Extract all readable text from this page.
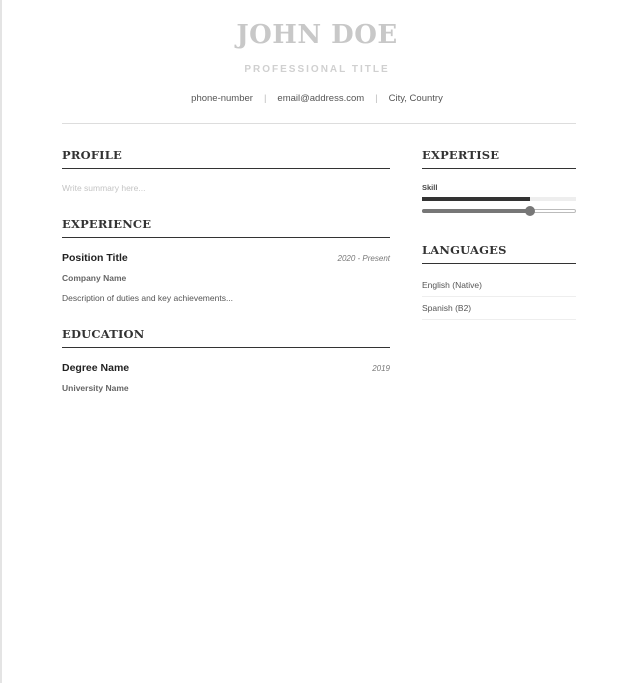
JOHN DOE
PROFESSIONAL TITLE
phone-number | email@address.com | City, Country
PROFILE
Write summary here...
EXPERIENCE
Position Title	2020 - Present
Company Name
Description of duties and key achievements...
EDUCATION
Degree Name	2019
University Name
EXPERTISE
Skill
LANGUAGES
English (Native)
Spanish (B2)
